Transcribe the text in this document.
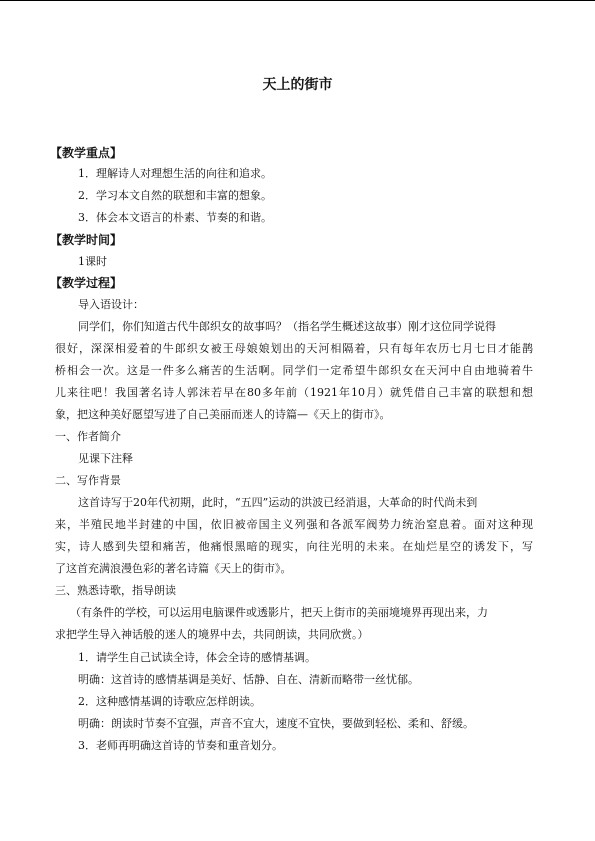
天上的街市
【教学重点】
1．理解诗人对理想生活的向往和追求。
2．学习本文自然的联想和丰富的想象。
3．体会本文语言的朴素、节奏的和谐。
【教学时间】
1课时
【教学过程】
导入语设计：
同学们，你们知道古代牛郎织女的故事吗？（指名学生概述这故事）刚才这位同学说得
很好，深深相爱着的牛郎织女被王母娘娘划出的天河相隔着，只有每年农历七月七日才能鹊
桥相会一次。这是一件多么痛苦的生活啊。同学们一定希望牛郎织女在天河中自由地骑着牛
儿来往吧！我国著名诗人郭沫若早在80多年前（1921年10月）就凭借自己丰富的联想和想
象，把这种美好愿望写进了自己美丽而迷人的诗篇—《天上的街市》。
一、作者简介
见课下注释
二、写作背景
这首诗写于20年代初期，此时，“五四”运动的洪波已经消退，大革命的时代尚未到
来，半殖民地半封建的中国，依旧被帝国主义列强和各派军阀势力统治窒息着。面对这种现
实，诗人感到失望和痛苦，他痛恨黑暗的现实，向往光明的未来。在灿烂星空的诱发下，写
了这首充满浪漫色彩的著名诗篇《天上的街市》。
三、熟悉诗歌，指导朗读
（有条件的学校，可以运用电脑课件或透影片，把天上街市的美丽境境界再现出来，力
求把学生导入神话般的迷人的境界中去，共同朗读，共同欣赏。）
1．请学生自己试读全诗，体会全诗的感情基调。
明确：这首诗的感情基调是美好、恬静、自在、清新而略带一丝忧郁。
2．这种感情基调的诗歌应怎样朗读。
明确：朗读时节奏不宜强，声音不宜大，速度不宜快，要做到轻松、柔和、舒缓。
3．老师再明确这首诗的节奏和重音划分。
